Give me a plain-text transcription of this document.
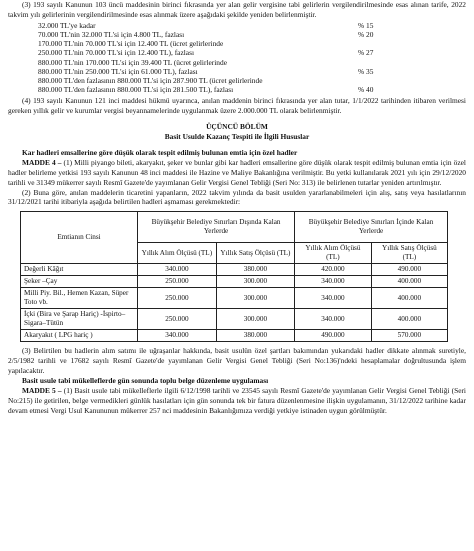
(3) 193 sayılı Kanunun 103 üncü maddesinin birinci fıkrasında yer alan gelir vergisine tabi gelirlerin vergilendirilmesinde esas alınan tarife, 2022 takvim yılı gelirlerinin vergilendirilmesinde esas alınmak üzere aşağıdaki şekilde yeniden belirlenmiştir.

32.000 TL'ye kadar	% 15
70.000 TL'nin 32.000 TL'si için 4.800 TL, fazlası	% 20
170.000 TL'nin 70.000 TL'si için 12.400 TL (ücret gelirlerinde
250.000 TL'nin 70.000 TL'si için 12.400 TL), fazlası	% 27
880.000 TL'nin 170.000 TL'si için 39.400 TL (ücret gelirlerinde
880.000 TL'nin 250.000 TL'si için 61.000 TL), fazlası	% 35
880.000 TL'den fazlasının 880.000 TL'si için 287.900 TL (ücret gelirlerinde
880.000 TL'den fazlasının 880.000 TL'si için 281.500 TL), fazlası	% 40

(4) 193 sayılı Kanunun 121 inci maddesi hükmü uyarınca, anılan maddenin birinci fıkrasında yer alan tutar, 1/1/2022 tarihinden itibaren verilmesi gereken yıllık gelir ve kurumlar vergisi beyannamelerinde uygulanmak üzere 2.000.000 TL olarak belirlenmiştir.

ÜÇÜNCÜ BÖLÜM

Basit Usulde Kazanç Tespiti ile İlgili Hususlar

Kar hadleri emsallerine göre düşük olarak tespit edilmiş bulunan emtia için özel hadler

MADDE 4 – (1) Milli piyango bileti, akaryakıt, şeker ve bunlar gibi kar hadleri emsallerine göre düşük olarak tespit edilmiş bulunan emtia için özel hadler belirleme yetkisi 193 sayılı Kanunun 48 inci maddesi ile Hazine ve Maliye Bakanlığına verilmiştir. Bu yetki kullanılarak 2021 yılı için 29/12/2020 tarihli ve 31349 mükerrer sayılı Resmî Gazete'de yayımlanan Gelir Vergisi Genel Tebliği (Seri No: 313) ile belirlenen tutarlar yeniden artırılmıştır.

(2) Buna göre, anılan maddelerin ticaretini yapanların, 2022 takvim yılında da basit usulden yararlanabilmeleri için alış, satış veya hasılatlarının 31/12/2021 tarihi itibariyla aşağıda belirtilen hadleri aşmaması gerekmektedir:

Emtianın Cinsi	Büyükşehir Belediye Sınırları Dışında Kalan Yerlerde		Büyükşehir Belediye Sınırları İçinde Kalan Yerlerde	
	Yıllık Alım Ölçüsü (TL)	Yıllık Satış Ölçüsü (TL)	Yıllık Alım Ölçüsü (TL)	Yıllık Satış Ölçüsü (TL)
Değerli Kâğıt	340.000	380.000	420.000	490.000
Şeker –Çay	250.000	300.000	340.000	400.000
Milli Piy. Bil., Hemen Kazan, Süper Toto vb.	250.000	300.000	340.000	400.000
İçki (Bira ve Şarap Hariç) -İspirto– Sigara–Tütün	250.000	300.000	340.000	400.000
Akaryakıt ( LPG hariç )	340.000	380.000	490.000	570.000

(3) Belirtilen bu hadlerin alım satımı ile uğraşanlar hakkında, basit usulün özel şartları bakımından yukarıdaki hadler dikkate alınmak suretiyle, 2/5/1982 tarihli ve 17682 sayılı Resmî Gazete'de yayımlanan Gelir Vergisi Genel Tebliği (Seri No:136)'ndeki hesaplamalar doğrultusunda işlem yapılacaktır.

Basit usule tabi mükelleflerde gün sonunda toplu belge düzenleme uygulaması

MADDE 5 – (1) Basit usule tabi mükelleflerle ilgili 6/12/1998 tarihli ve 23545 sayılı Resmî Gazete'de yayımlanan Gelir Vergisi Genel Tebliği (Seri No:215) ile getirilen, belge vermedikleri günlük hasılatları için gün sonunda tek bir fatura düzenlenmesine ilişkin uygulamanın, 31/12/2022 tarihine kadar devam etmesi Vergi Usul Kanununun mükerrer 257 nci maddesinin Bakanlığımıza verdiği yetkiye istinaden uygun görülmüştür.
